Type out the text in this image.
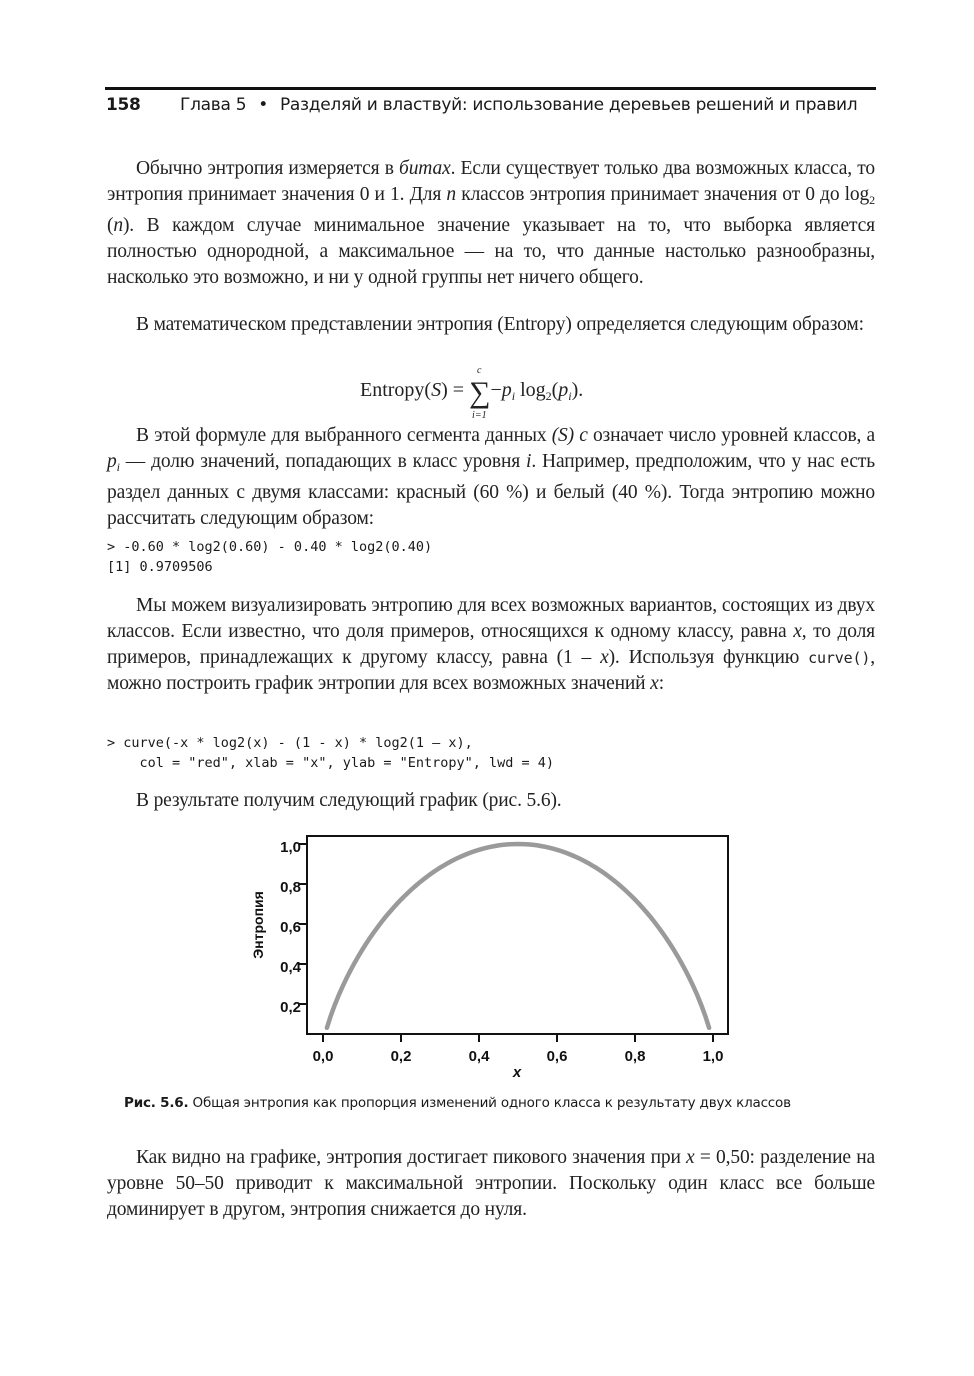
158	Глава 5 • Разделяй и властвуй: использование деревьев решений и правил

Обычно энтропия измеряется в битах. Если существует только два возможных класса, то энтропия принимает значения 0 и 1. Для n классов энтропия принимает значения от 0 до $\log_2 (n)$. В каждом случае минимальное значение указывает на то, что выборка является полностью однородной, а максимальное — на то, что данные настолько разнообразны, насколько это возможно, и ни у одной группы нет ничего общего.

В математическом представлении энтропия (Entropy) определяется следующим образом:

Entropy(S) = ∑
c
i=1
$-p_i$ $\log_2(p_i)$.

В этой формуле для выбранного сегмента данных (S) c означает число уровней классов, а $p_i$ — долю значений, попадающих в класс уровня i. Например, предположим, что у нас есть раздел данных с двумя классами: красный (60 %) и белый (40 %). Тогда энтропию можно рассчитать следующим образом:

> -0.60 * log2(0.60) - 0.40 * log2(0.40)
[1] 0.9709506

Мы можем визуализировать энтропию для всех возможных вариантов, состоящих из двух классов. Если известно, что доля примеров, относящихся к одному классу, равна x, то доля примеров, принадлежащих к другому классу, равна (1 – x). Используя функцию curve(), можно построить график энтропии для всех возможных значений x:

> curve(-x * log2(x) - (1 - x) * log2(1 – x),
col = "red", xlab = "x", ylab = "Entropy", lwd = 4)

В результате получим следующий график (рис. 5.6).

0,2
0,4
0,6
0,8
1,0
0,0	0,2	0,4	0,6	0,8	1,0
x
Энтропия
Рис. 5.6. Общая энтропия как пропорция изменений одного класса к результату двух классов

Как видно на графике, энтропия достигает пикового значения при x = 0,50: разделение на уровне 50–50 приводит к максимальной энтропии. Поскольку один класс все больше доминирует в другом, энтропия снижается до нуля.
